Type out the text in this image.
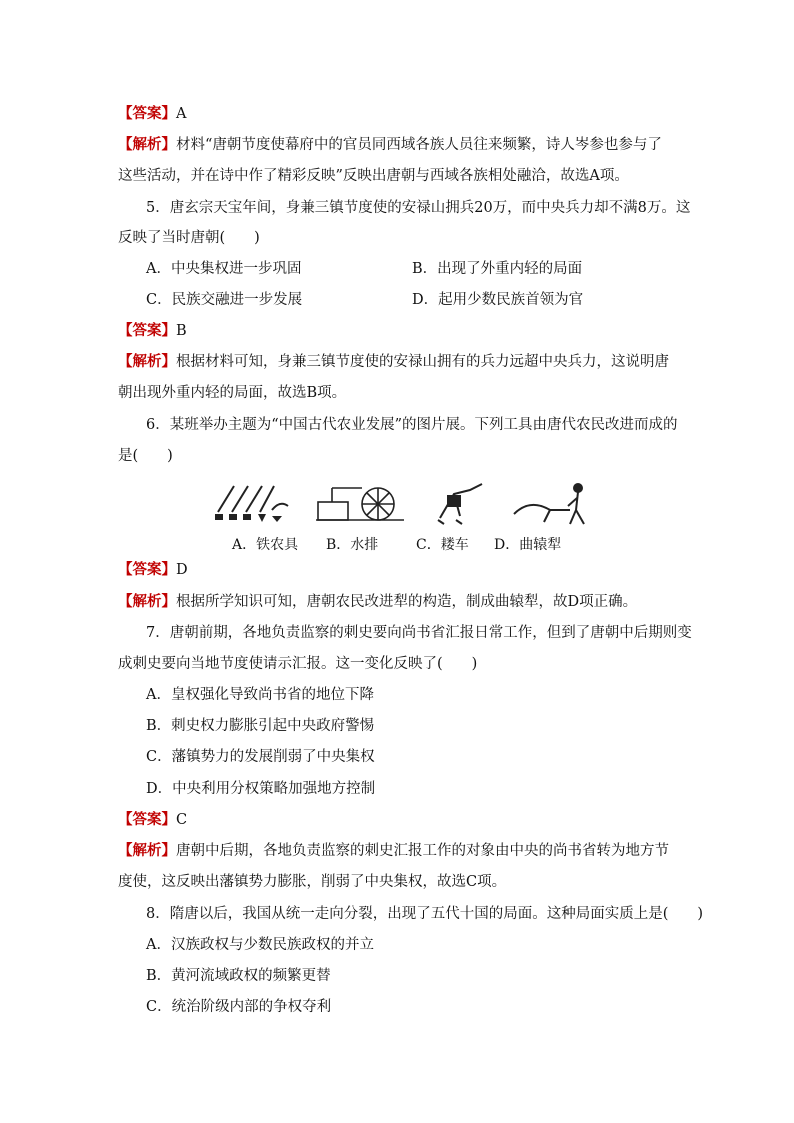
【答案】A
【解析】材料“唐朝节度使幕府中的官员同西域各族人员往来频繁，诗人岑参也参与了
这些活动，并在诗中作了精彩反映”反映出唐朝与西域各族相处融洽，故选A项。
5．唐玄宗天宝年间，身兼三镇节度使的安禄山拥兵20万，而中央兵力却不满8万。这
反映了当时唐朝(　　)
A．中央集权进一步巩固	B．出现了外重内轻的局面
C．民族交融进一步发展	D．起用少数民族首领为官
【答案】B
【解析】根据材料可知，身兼三镇节度使的安禄山拥有的兵力远超中央兵力，这说明唐
朝出现外重内轻的局面，故选B项。
6．某班举办主题为“中国古代农业发展”的图片展。下列工具由唐代农民改进而成的
是(　　)
A．铁农具 B．水排	C．耧车 D．曲辕犁
【答案】D
【解析】根据所学知识可知，唐朝农民改进犁的构造，制成曲辕犁，故D项正确。
7．唐朝前期，各地负责监察的刺史要向尚书省汇报日常工作，但到了唐朝中后期则变
成刺史要向当地节度使请示汇报。这一变化反映了(　　)
A．皇权强化导致尚书省的地位下降
B．刺史权力膨胀引起中央政府警惕
C．藩镇势力的发展削弱了中央集权
D．中央利用分权策略加强地方控制
【答案】C
【解析】唐朝中后期，各地负责监察的刺史汇报工作的对象由中央的尚书省转为地方节
度使，这反映出藩镇势力膨胀，削弱了中央集权，故选C项。
8．隋唐以后，我国从统一走向分裂，出现了五代十国的局面。这种局面实质上是(　　)
A．汉族政权与少数民族政权的并立
B．黄河流域政权的频繁更替
C．统治阶级内部的争权夺利
